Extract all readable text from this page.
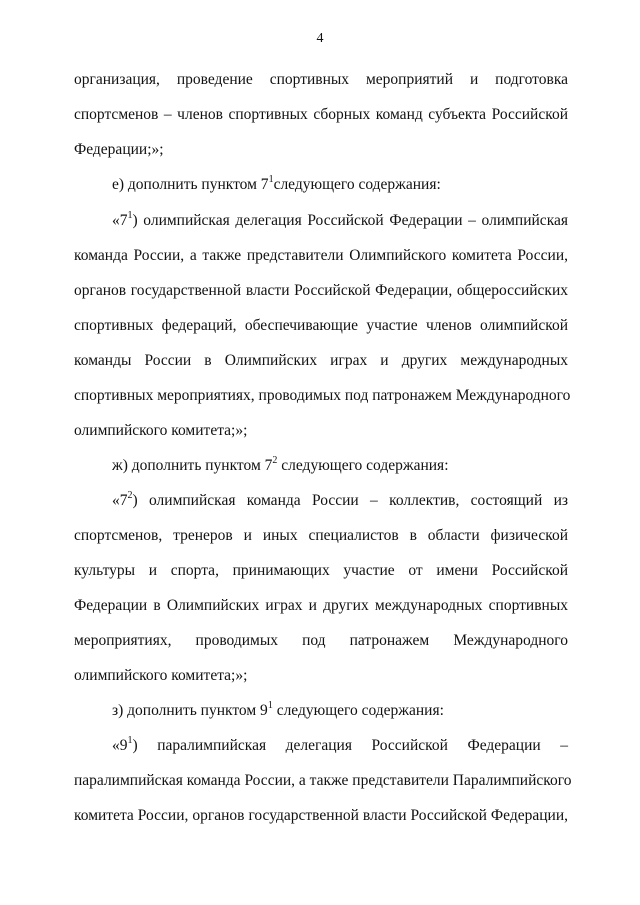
4
организация, проведение спортивных мероприятий и подготовка
спортсменов – членов спортивных сборных команд субъекта Российской
Федерации;»;
е) дополнить пунктом $7^1следующего$ содержания:
«$7^1$) олимпийская делегация Российской Федерации – олимпийская
команда России, а также представители Олимпийского комитета России,
органов государственной власти Российской Федерации, общероссийских
спортивных федераций, обеспечивающие участие членов олимпийской
команды России в Олимпийских играх и других международных
спортивных мероприятиях, проводимых под патронажем Международного
олимпийского комитета;»;
ж) дополнить пунктом $7^2$ следующего содержания:
«$7^2$) олимпийская команда России – коллектив, состоящий из
спортсменов, тренеров и иных специалистов в области физической
культуры и спорта, принимающих участие от имени Российской
Федерации в Олимпийских играх и других международных спортивных
мероприятиях, проводимых под патронажем Международного
олимпийского комитета;»;
з) дополнить пунктом $9^1$ следующего содержания:
«$9^1$) паралимпийская делегация Российской Федерации –
паралимпийская команда России, а также представители Паралимпийского
комитета России, органов государственной власти Российской Федерации,
